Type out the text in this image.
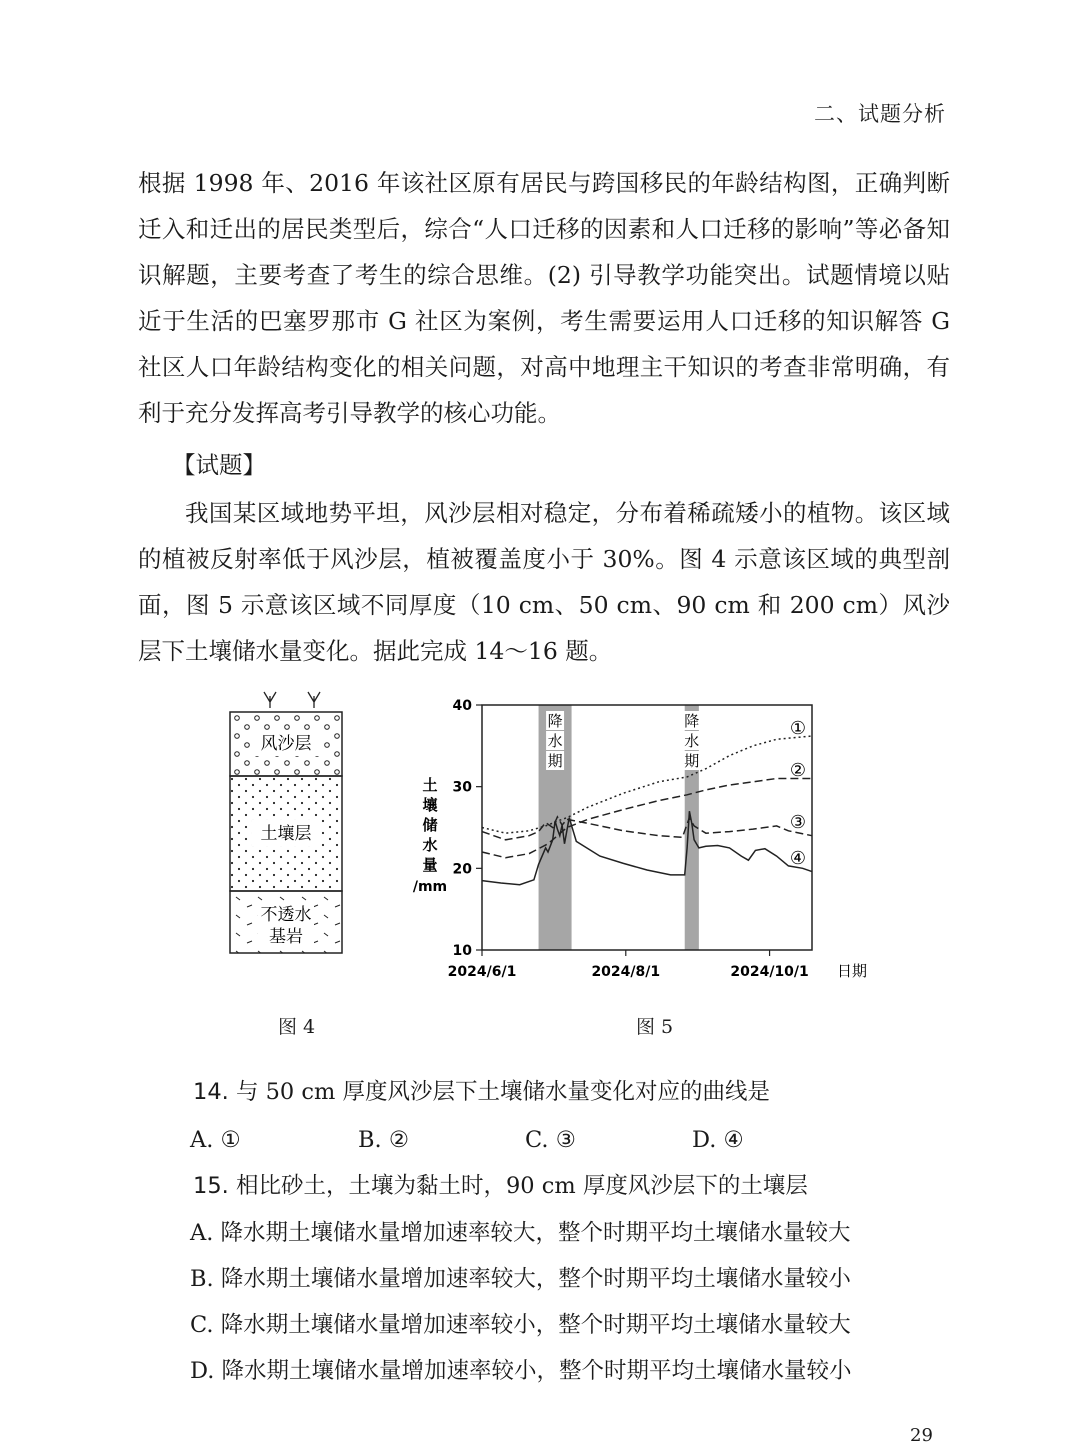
二、试题分析

根据 1998 年、2016 年该社区原有居民与跨国移民的年龄结构图，正确判断迁入和迁出的居民类型后，综合“人口迁移的因素和人口迁移的影响”等必备知识解题，主要考查了考生的综合思维。(2) 引导教学功能突出。试题情境以贴近于生活的巴塞罗那市 G 社区为案例，考生需要运用人口迁移的知识解答 G 社区人口年龄结构变化的相关问题，对高中地理主干知识的考查非常明确，有利于充分发挥高考引导教学的核心功能。

【试题】

我国某区域地势平坦，风沙层相对稳定，分布着稀疏矮小的植物。该区域的植被反射率低于风沙层，植被覆盖度小于 30%。图 4 示意该区域的典型剖面，图 5 示意该区域不同厚度（10 cm、50 cm、90 cm 和 200 cm）风沙层下土壤储水量变化。据此完成 14～16 题。

风沙层
土壤层
不透水
基岩
降
水
期
降
水
期
10
20
30
40
2024/6/1	2024/8/1	2024/10/1
土
壤
储
水
量
/mm
日期
①
②
③
④
图 4	图 5
14. 与 50 cm 厚度风沙层下土壤储水量变化对应的曲线是
A. ①	B. ②	C. ③	D. ④
15. 相比砂土，土壤为黏土时，90 cm 厚度风沙层下的土壤层
A. 降水期土壤储水量增加速率较大，整个时期平均土壤储水量较大
B. 降水期土壤储水量增加速率较大，整个时期平均土壤储水量较小
C. 降水期土壤储水量增加速率较小，整个时期平均土壤储水量较大
D. 降水期土壤储水量增加速率较小，整个时期平均土壤储水量较小
29
